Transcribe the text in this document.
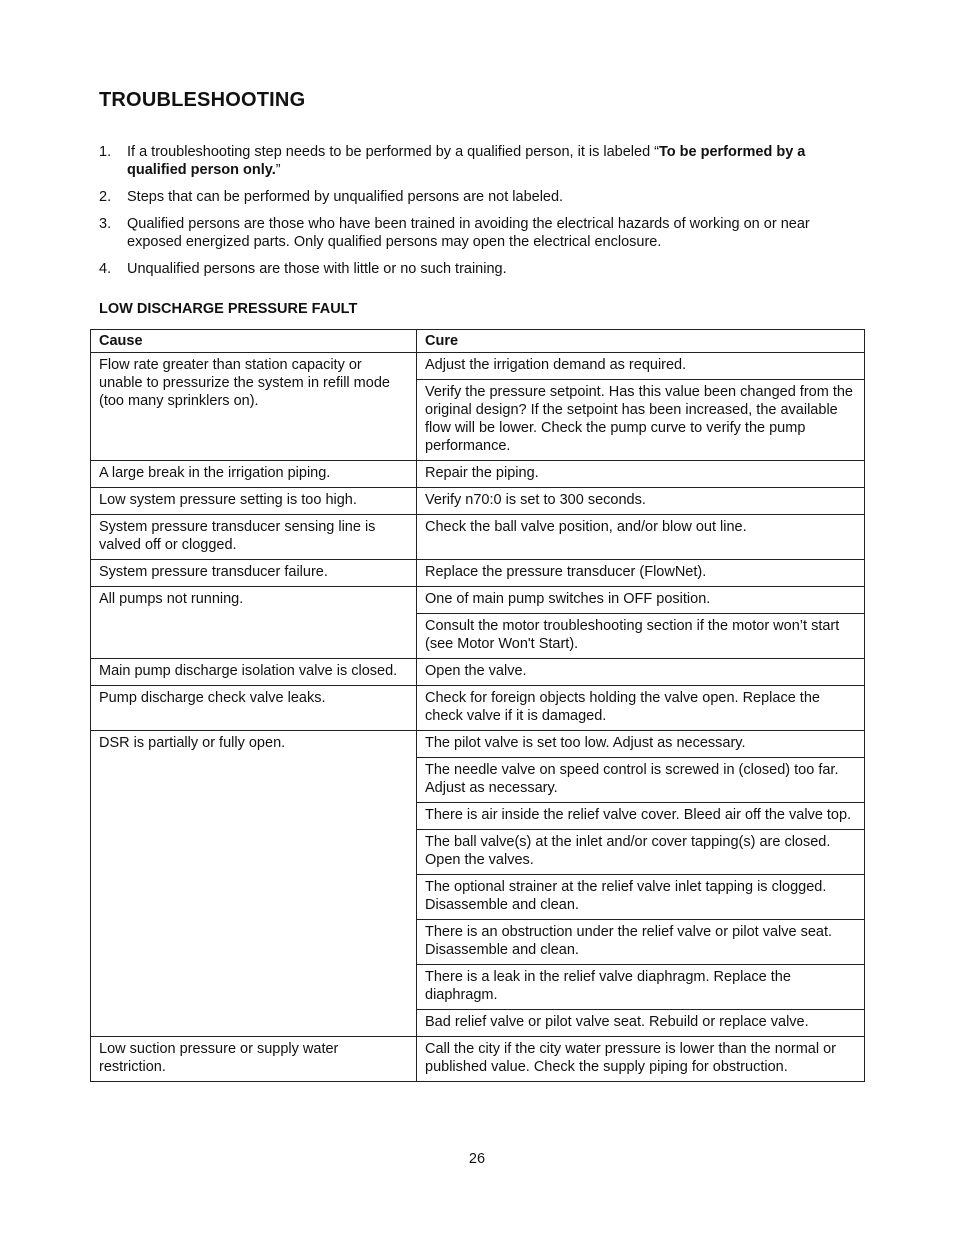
TROUBLESHOOTING
1. If a troubleshooting step needs to be performed by a qualified person, it is labeled “To be performed by a qualified person only.”
2. Steps that can be performed by unqualified persons are not labeled.
3. Qualified persons are those who have been trained in avoiding the electrical hazards of working on or near exposed energized parts. Only qualified persons may open the electrical enclosure.
4. Unqualified persons are those with little or no such training.
LOW DISCHARGE PRESSURE FAULT
Cause	Cure
Flow rate greater than station capacity or unable to pressurize the system in refill mode (too many sprinklers on).	Adjust the irrigation demand as required.
	Verify the pressure setpoint. Has this value been changed from the original design? If the setpoint has been increased, the available flow will be lower. Check the pump curve to verify the pump performance.
A large break in the irrigation piping.	Repair the piping.
Low system pressure setting is too high.	Verify n70:0 is set to 300 seconds.
System pressure transducer sensing line is valved off or clogged.	Check the ball valve position, and/or blow out line.
System pressure transducer failure.	Replace the pressure transducer (FlowNet).
All pumps not running.	One of main pump switches in OFF position.
	Consult the motor troubleshooting section if the motor won’t start (see Motor Won't Start).
Main pump discharge isolation valve is closed.	Open the valve.
Pump discharge check valve leaks.	Check for foreign objects holding the valve open. Replace the check valve if it is damaged.
DSR is partially or fully open.	The pilot valve is set too low. Adjust as necessary.
	The needle valve on speed control is screwed in (closed) too far. Adjust as necessary.
	There is air inside the relief valve cover. Bleed air off the valve top.
	The ball valve(s) at the inlet and/or cover tapping(s) are closed. Open the valves.
	The optional strainer at the relief valve inlet tapping is clogged. Disassemble and clean.
	There is an obstruction under the relief valve or pilot valve seat. Disassemble and clean.
	There is a leak in the relief valve diaphragm. Replace the diaphragm.
	Bad relief valve or pilot valve seat. Rebuild or replace valve.
Low suction pressure or supply water restriction.	Call the city if the city water pressure is lower than the normal or published value. Check the supply piping for obstruction.
26
